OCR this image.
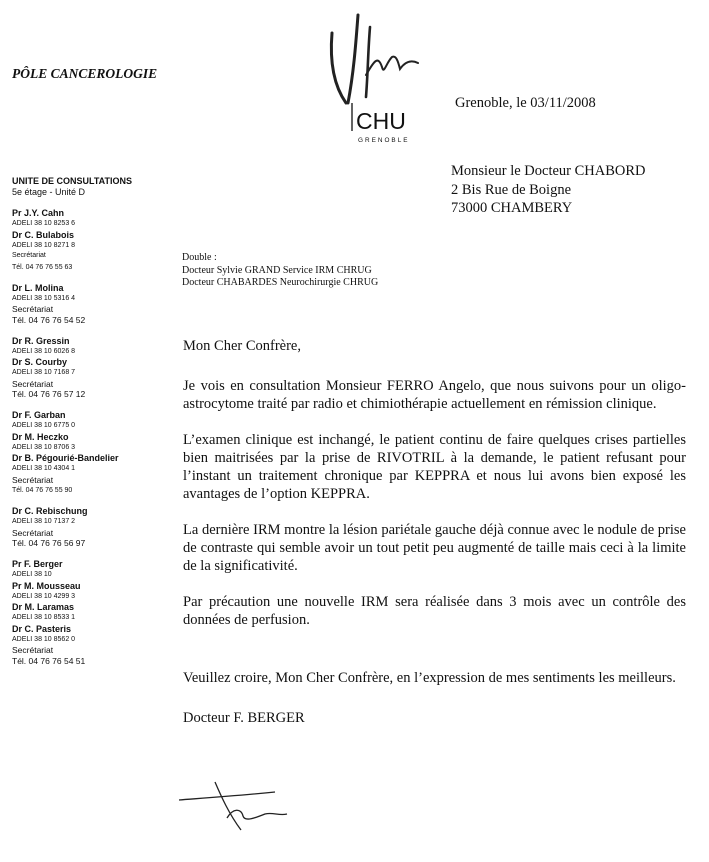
PÔLE CANCEROLOGIE
CHU
GRENOBLE
Grenoble, le 03/11/2008
Monsieur le Docteur CHABORD
2 Bis Rue de Boigne
73000 CHAMBERY
UNITE DE CONSULTATIONS
5e étage - Unité D
Pr J.Y. Cahn
ADELI 38 10 8253 6
Dr C. Bulabois
ADELI 38 10 8271 8
Secrétariat
Tél. 04 76 76 55 63
Dr L. Molina
ADELI 38 10 5316 4
Secrétariat
Tél. 04 76 76 54 52
Dr R. Gressin
ADELI 38 10 6026 8
Dr S. Courby
ADELI 38 10 7168 7
Secrétariat
Tél. 04 76 76 57 12
Dr F. Garban
ADELI 38 10 6775 0
Dr M. Heczko
ADELI 38 10 8706 3
Dr B. Pégourié-Bandelier
ADELI 38 10 4304 1
Secrétariat
Tél. 04 76 76 55 90
Dr C. Rebischung
ADELI 38 10 7137 2
Secrétariat
Tél. 04 76 76 56 97
Pr F. Berger
ADELI 38 10
Pr M. Mousseau
ADELI 38 10 4299 3
Dr M. Laramas
ADELI 38 10 8533 1
Dr C. Pasteris
ADELI 38 10 8562 0
Secrétariat
Tél. 04 76 76 54 51
Double :
Docteur Sylvie GRAND Service IRM CHRUG
Docteur CHABARDES Neurochirurgie CHRUG

Mon Cher Confrère,

Je vois en consultation Monsieur FERRO Angelo, que nous suivons pour un oligo-astrocytome traité par radio et chimiothérapie actuellement en rémission clinique.

L’examen clinique est inchangé, le patient continu de faire quelques crises partielles bien maitrisées par la prise de RIVOTRIL à la demande, le patient refusant pour l’instant un traitement chronique par KEPPRA et nous lui avons bien exposé les avantages de l’option KEPPRA.

La dernière IRM montre la lésion pariétale gauche déjà connue avec le nodule de prise de contraste qui semble avoir un tout petit peu augmenté de taille mais ceci à la limite de la significativité.

Par précaution une nouvelle IRM sera réalisée dans 3 mois avec un contrôle des données de perfusion.

Veuillez croire, Mon Cher Confrère, en l’expression de mes sentiments les meilleurs.

Docteur F. BERGER
